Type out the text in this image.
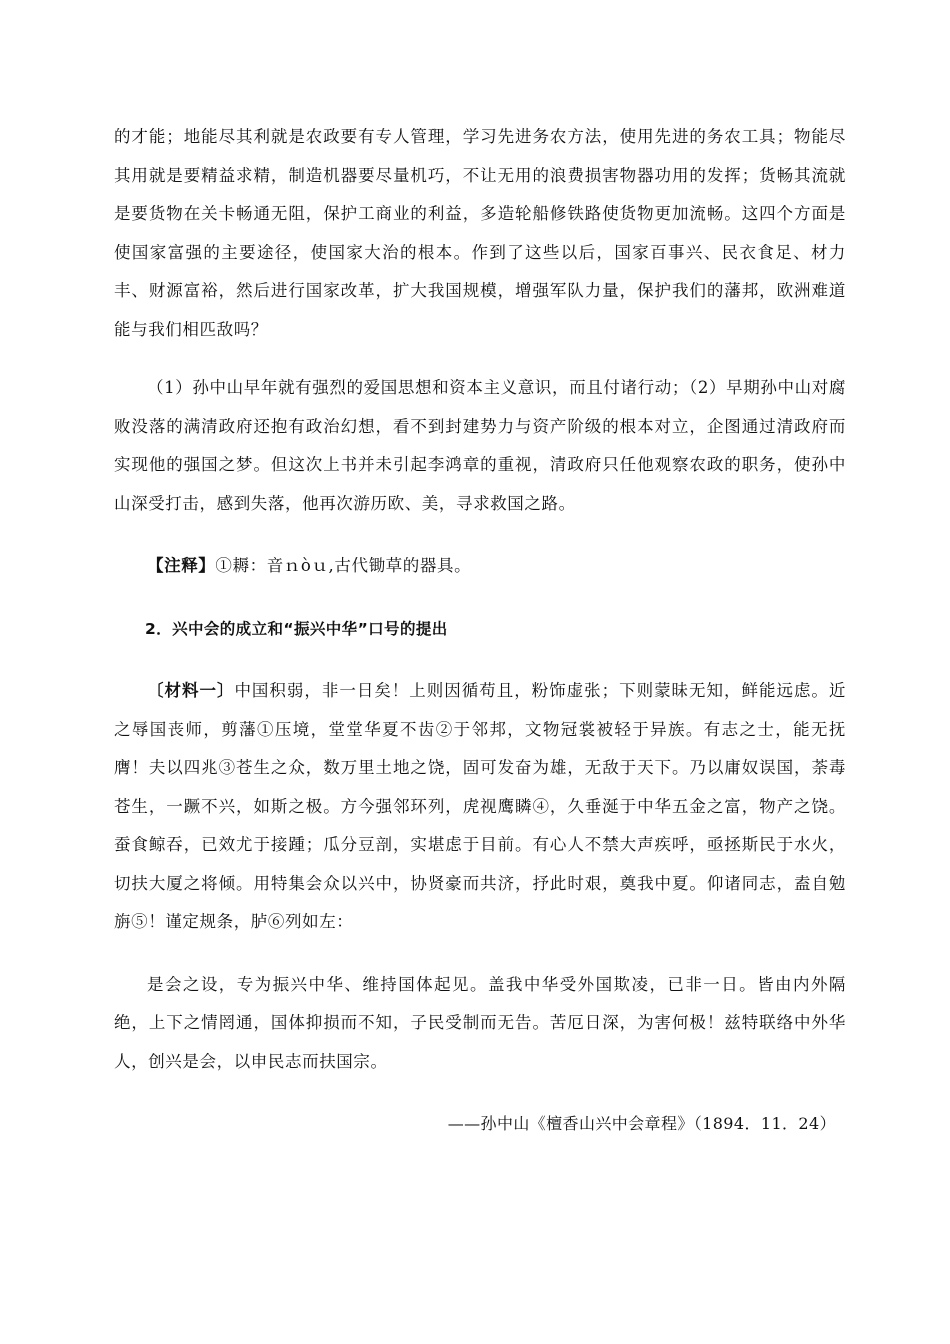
的才能；地能尽其利就是农政要有专人管理，学习先进务农方法，使用先进的务农工具；物能尽其用就是要精益求精，制造机器要尽量机巧，不让无用的浪费损害物器功用的发挥；货畅其流就是要货物在关卡畅通无阻，保护工商业的利益，多造轮船修铁路使货物更加流畅。这四个方面是使国家富强的主要途径，使国家大治的根本。作到了这些以后，国家百事兴、民衣食足、材力丰、财源富裕，然后进行国家改革，扩大我国规模，增强军队力量，保护我们的藩邦，欧洲难道能与我们相匹敌吗？

（1）孙中山早年就有强烈的爱国思想和资本主义意识，而且付诸行动；（2）早期孙中山对腐败没落的满清政府还抱有政治幻想，看不到封建势力与资产阶级的根本对立，企图通过清政府而实现他的强国之梦。但这次上书并未引起李鸿章的重视，清政府只任他观察农政的职务，使孙中山深受打击，感到失落，他再次游历欧、美，寻求救国之路。

【注释】①耨：音ｎòｕ,古代锄草的器具。

2．兴中会的成立和“振兴中华”口号的提出

〔材料一〕中国积弱，非一日矣！上则因循苟且，粉饰虚张；下则蒙昧无知，鲜能远虑。近之辱国丧师，剪藩①压境，堂堂华夏不齿②于邻邦，文物冠裳被轻于异族。有志之士，能无抚膺！夫以四兆③苍生之众，数万里土地之饶，固可发奋为雄，无敌于天下。乃以庸奴误国，荼毒苍生，一蹶不兴，如斯之极。方今强邻环列，虎视鹰瞵④，久垂涎于中华五金之富，物产之饶。蚕食鲸吞，已效尤于接踵；瓜分豆剖，实堪虑于目前。有心人不禁大声疾呼，亟拯斯民于水火，切扶大厦之将倾。用特集会众以兴中，协贤豪而共济，抒此时艰，奠我中夏。仰诸同志，盍自勉旃⑤！谨定规条，胪⑥列如左：

是会之设，专为振兴中华、维持国体起见。盖我中华受外国欺凌，已非一日。皆由内外隔绝，上下之情罔通，国体抑损而不知，子民受制而无告。苦厄日深，为害何极！兹特联络中外华人，创兴是会，以申民志而扶国宗。

——孙中山《檀香山兴中会章程》（1894．11．24）
